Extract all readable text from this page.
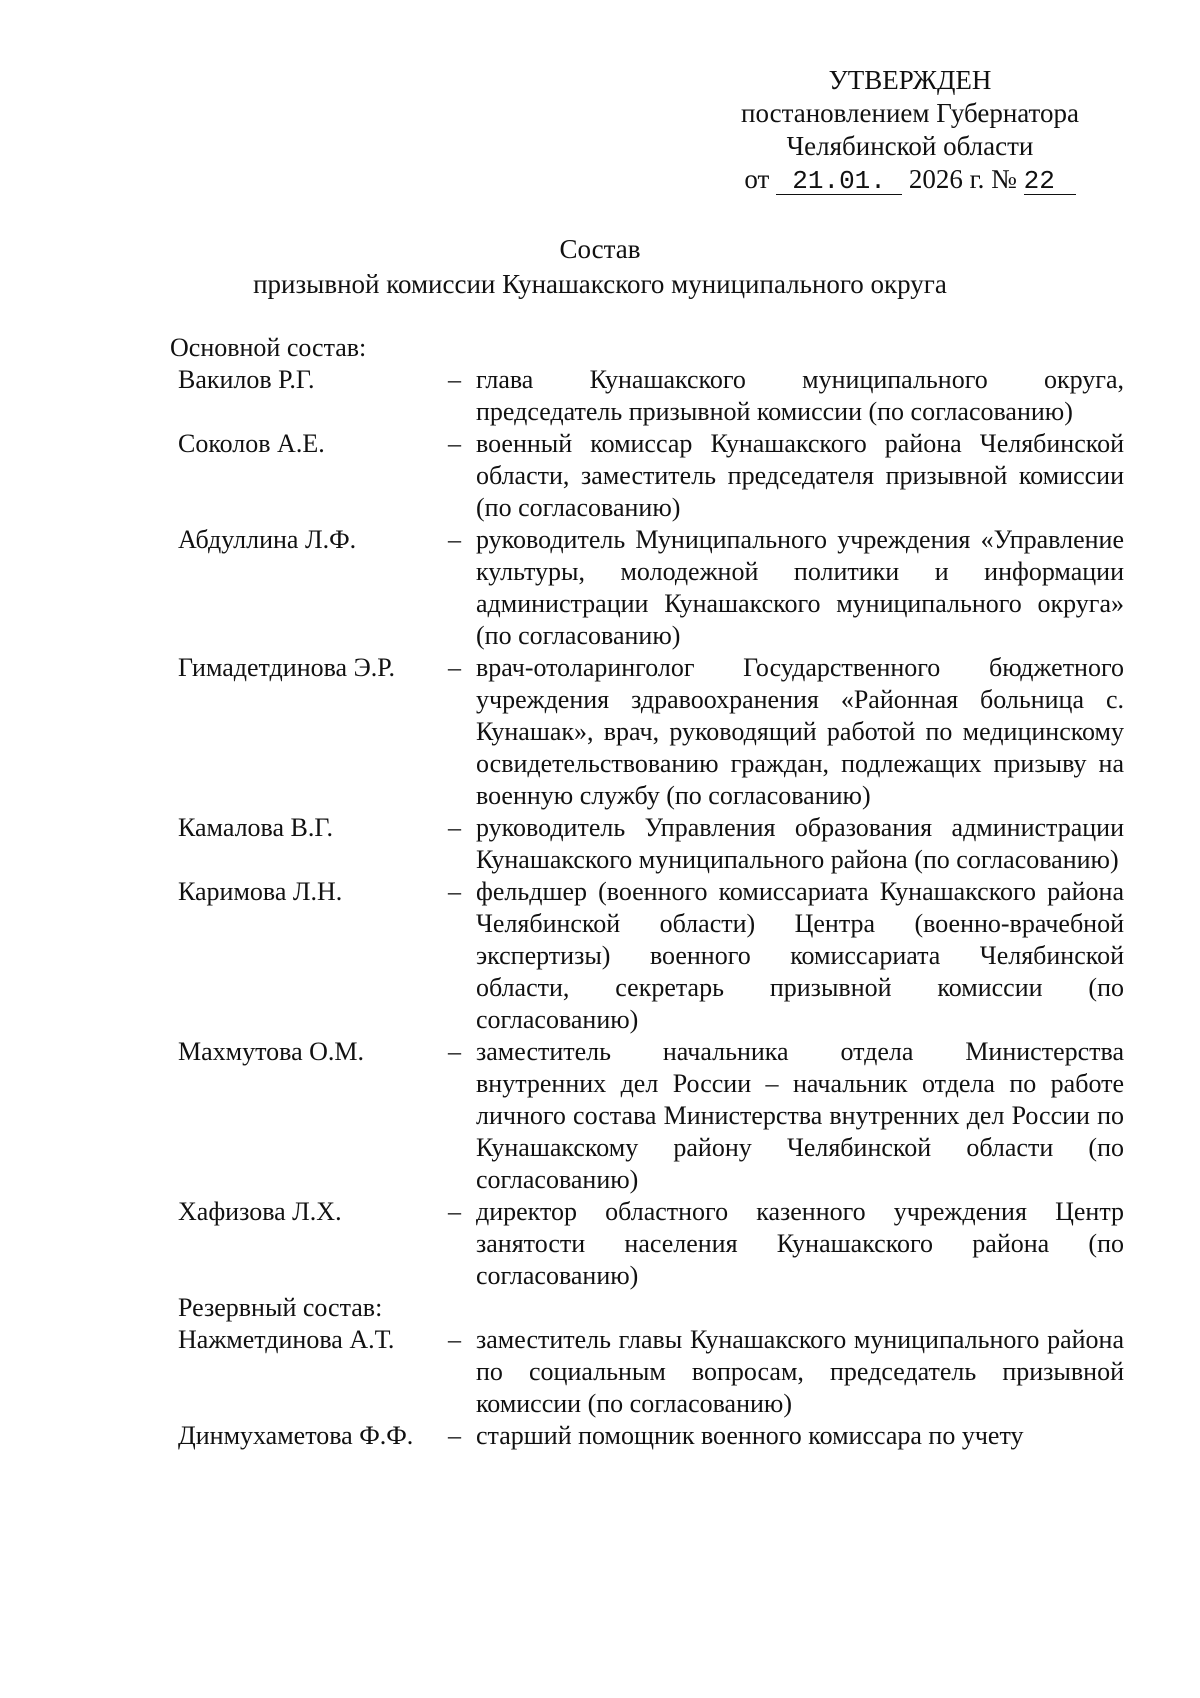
УТВЕРЖДЕН
постановлением Губернатора
Челябинской области
от 21.01. 2026 г. № 22
Состав
призывной комиссии Кунашакского муниципального округа
Основной состав:
Вакилов Р.Г.	– глава Кунашакского муниципального округа, председатель призывной комиссии (по согласованию)
Соколов А.Е.	– военный комиссар Кунашакского района Челябинской области, заместитель председателя призывной комиссии (по согласованию)
Абдуллина Л.Ф.	– руководитель Муниципального учреждения «Управление культуры, молодежной политики и информации администрации Кунашакского муниципального округа» (по согласованию)
Гимадетдинова Э.Р.	– врач-отоларинголог Государственного бюджетного учреждения здравоохранения «Районная больница с. Кунашак», врач, руководящий работой по медицинскому освидетельствованию граждан, подлежащих призыву на военную службу (по согласованию)
Камалова В.Г.	– руководитель Управления образования администрации Кунашакского муниципального района (по согласованию)
Каримова Л.Н.	– фельдшер (военного комиссариата Кунашакского района Челябинской области) Центра (военно-врачебной экспертизы) военного комиссариата Челябинской области, секретарь призывной комиссии (по согласованию)
Махмутова О.М.	– заместитель начальника отдела Министерства внутренних дел России – начальник отдела по работе личного состава Министерства внутренних дел России по Кунашакскому району Челябинской области (по согласованию)
Хафизова Л.Х.	– директор областного казенного учреждения Центр занятости населения Кунашакского района (по согласованию)
Резервный состав:
Нажметдинова А.Т.	– заместитель главы Кунашакского муниципального района по социальным вопросам, председатель призывной комиссии (по согласованию)
Динмухаметова Ф.Ф.	– старший помощник военного комиссара по учету
